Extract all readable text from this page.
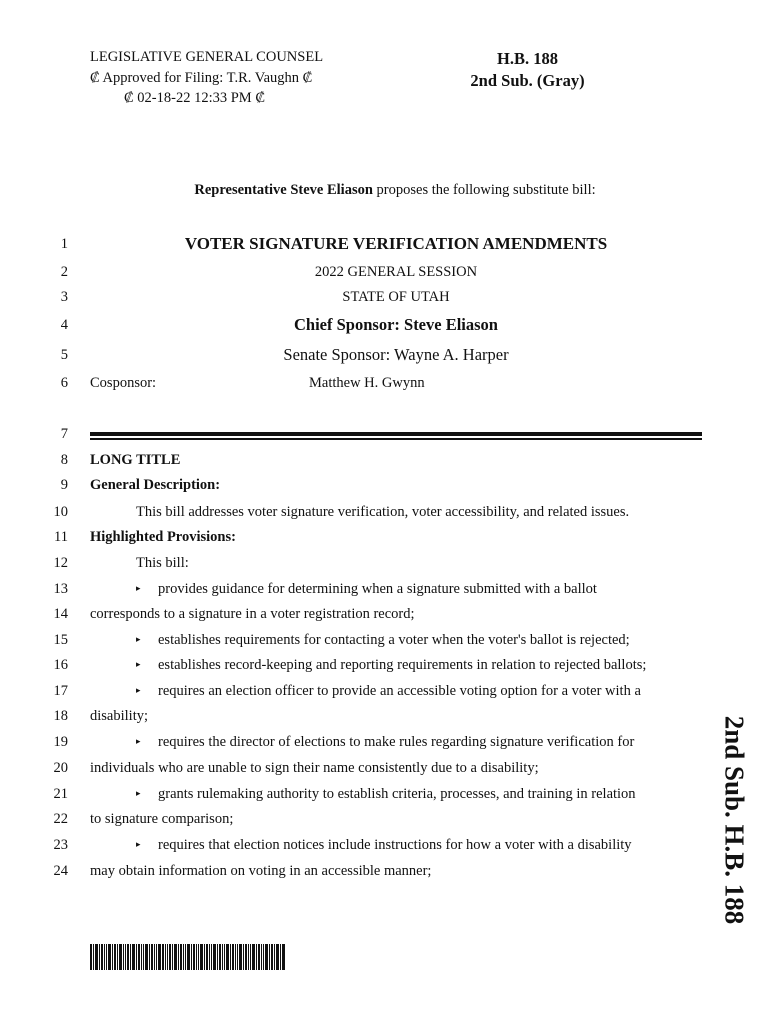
LEGISLATIVE GENERAL COUNSEL
₡ Approved for Filing: T.R. Vaughn ₡
₡ 02-18-22 12:33 PM ₡
H.B. 188
2nd Sub. (Gray)
Representative Steve Eliason proposes the following substitute bill:
1
2
3
4
5
6
7
8
9
10
11
12
13
14
15
16
17
18
19
20
21
22
23
24
VOTER SIGNATURE VERIFICATION AMENDMENTS
2022 GENERAL SESSION
STATE OF UTAH
Chief Sponsor: Steve Eliason
Senate Sponsor: Wayne A. Harper
Cosponsor:	Matthew H. Gwynn
LONG TITLE
General Description:
This bill addresses voter signature verification, voter accessibility, and related issues.
Highlighted Provisions:
This bill:
▸ provides guidance for determining when a signature submitted with a ballot
corresponds to a signature in a voter registration record;
▸ establishes requirements for contacting a voter when the voter's ballot is rejected;
▸ establishes record-keeping and reporting requirements in relation to rejected ballots;
▸ requires an election officer to provide an accessible voting option for a voter with a
disability;
▸ requires the director of elections to make rules regarding signature verification for
individuals who are unable to sign their name consistently due to a disability;
▸ grants rulemaking authority to establish criteria, processes, and training in relation
to signature comparison;
▸ requires that election notices include instructions for how a voter with a disability
may obtain information on voting in an accessible manner;	2nd Sub. H.B. 188
